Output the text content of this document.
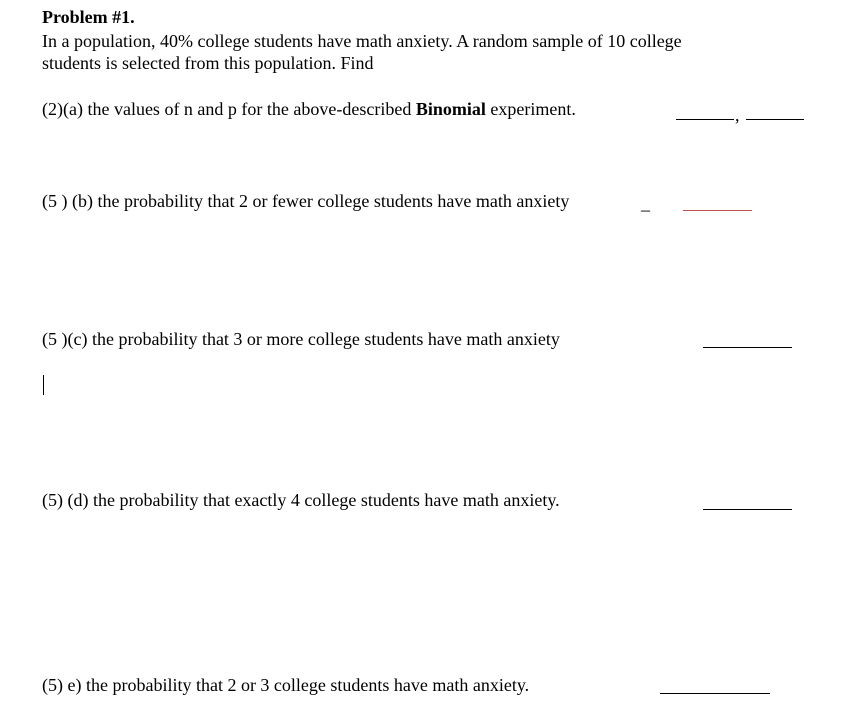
Problem #1.
In a population, 40% college students have math anxiety. A random sample of 10 college
students is selected from this population. Find
(2)(a) the values of n and p for the above-described Binomial experiment.	,
(5 ) (b) the probability that 2 or fewer college students have math anxiety	_
(5 )(c) the probability that 3 or more college students have math anxiety
(5) (d) the probability that exactly 4 college students have math anxiety.
(5) e) the probability that 2 or 3 college students have math anxiety.
